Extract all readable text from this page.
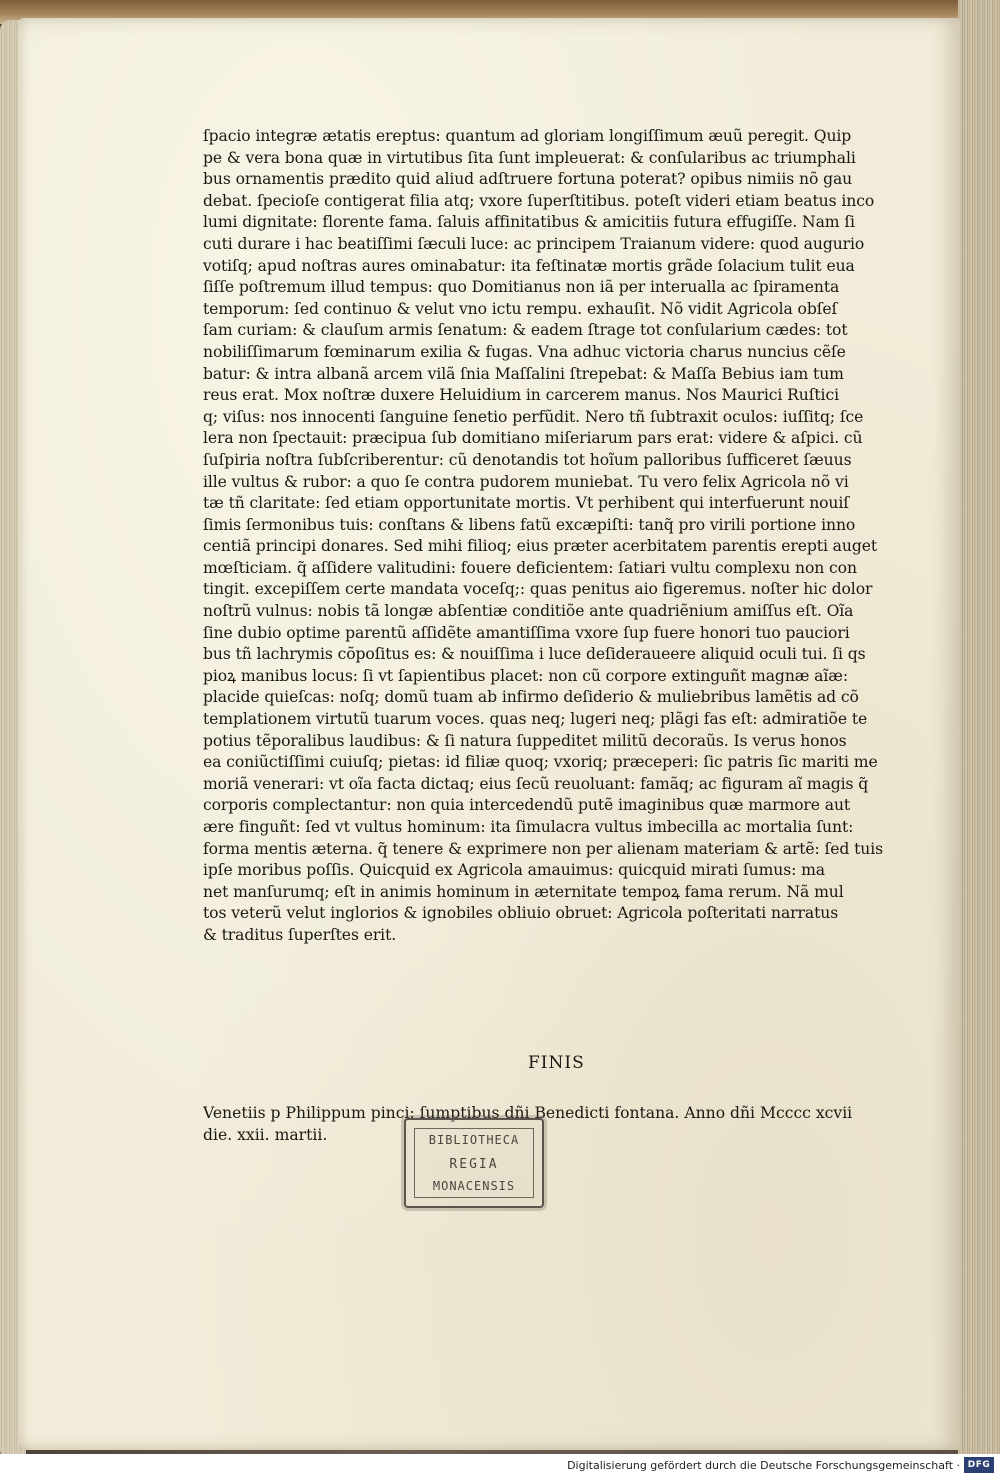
ſpacio integræ ætatis ereptus: quantum ad gloriam longiſſimum æuũ peregit. Quip
pe & vera bona quæ in virtutibus ſita ſunt impleuerat: & conſularibus ac triumphali
bus ornamentis prædito quid aliud adſtruere fortuna poterat? opibus nimiis nõ gau
debat. ſpecioſe contigerat filia atq; vxore ſuperſtitibus. poteſt videri etiam beatus inco
lumi dignitate: florente fama. ſaluis affinitatibus & amicitiis futura effugiſſe. Nam ſi
cuti durare i hac beatiſſimi ſæculi luce: ac principem Traianum videre: quod augurio
votiſq; apud noſtras aures ominabatur: ita feſtinatæ mortis grãde ſolacium tulit eua
ſiſſe poſtremum illud tempus: quo Domitianus non iã per interualla ac ſpiramenta
temporum: ſed continuo & velut vno ictu rempu. exhauſit. Nõ vidit Agricola obſeſ
ſam curiam: & clauſum armis ſenatum: & eadem ſtrage tot conſularium cædes: tot
nobiliſſimarum fœminarum exilia & fugas. Vna adhuc victoria charus nuncius cẽſe
batur: & intra albanã arcem vilã ſnia Maſſalini ſtrepebat: & Maſſa Bebius iam tum
reus erat. Mox noſtræ duxere Heluidium in carcerem manus. Nos Maurici Ruſtici
q; viſus: nos innocenti ſanguine ſenetio perfũdit. Nero tñ ſubtraxit oculos: iuſſitq; ſce
lera non ſpectauit: præcipua ſub domitiano miſeriarum pars erat: videre & aſpici. cũ
ſuſpiria noſtra ſubſcriberentur: cũ denotandis tot hoĩum palloribus ſufficeret ſæuus
ille vultus & rubor: a quo ſe contra pudorem muniebat. Tu vero felix Agricola nõ vi
tæ tñ claritate: ſed etiam opportunitate mortis. Vt perhibent qui interfuerunt nouiſ
ſimis ſermonibus tuis: conſtans & libens fatũ excæpiſti: tanq̃ pro virili portione inno
centiã principi donares. Sed mihi filioq; eius præter acerbitatem parentis erepti auget
mœſticiam. q̃ aſſidere valitudini: fouere deficientem: ſatiari vultu complexu non con
tingit. excepiſſem certe mandata voceſq;: quas penitus aio figeremus. noſter hic dolor
noſtrũ vulnus: nobis tã longæ abſentiæ conditiõe ante quadriẽnium amiſſus eſt. Oĩa
ſine dubio optime parentũ aſſidẽte amantiſſima vxore ſup fuere honori tuo pauciori
bus tñ lachrymis cõpoſitus es: & nouiſſima i luce deſideraueere aliquid oculi tui. ſi qs
pioꝝ manibus locus: ſi vt ſapientibus placet: non cũ corpore extinguñt magnæ aĩæ:
placide quieſcas: noſq; domũ tuam ab infirmo deſiderio & muliebribus lamẽtis ad cõ
templationem virtutũ tuarum voces. quas neq; lugeri neq; plãgi fas eſt: admiratiõe te
potius tẽporalibus laudibus: & ſi natura ſuppeditet militũ decoraũs. Is verus honos
ea coniũctiſſimi cuiuſq; pietas: id filiæ quoq; vxoriq; præceperi: ſic patris ſic mariti me
moriã venerari: vt oĩa facta dictaq; eius ſecũ reuoluant: famãq; ac figuram aĩ magis q̃
corporis complectantur: non quia intercedendũ putẽ imaginibus quæ marmore aut
ære finguñt: ſed vt vultus hominum: ita ſimulacra vultus imbecilla ac mortalia ſunt:
forma mentis æterna. q̃ tenere & exprimere non per alienam materiam & artẽ: ſed tuis
ipſe moribus poſſis. Quicquid ex Agricola amauimus: quicquid mirati ſumus: ma
net manſurumq; eſt in animis hominum in æternitate tempoꝝ fama rerum. Nã mul
tos veterũ velut inglorios & ignobiles obliuio obruet: Agricola poſteritati narratus
& traditus ſuperſtes erit.
FINIS
Venetiis p Philippum pinci: ſumptibus dñi Benedicti fontana. Anno dñi Mcccc xcvii
die. xxii. martii.	BIBLIOTHECA
REGIA
MONACENSIS
Digitalisierung gefördert durch die Deutsche Forschungsgemeinschaft · DFG
